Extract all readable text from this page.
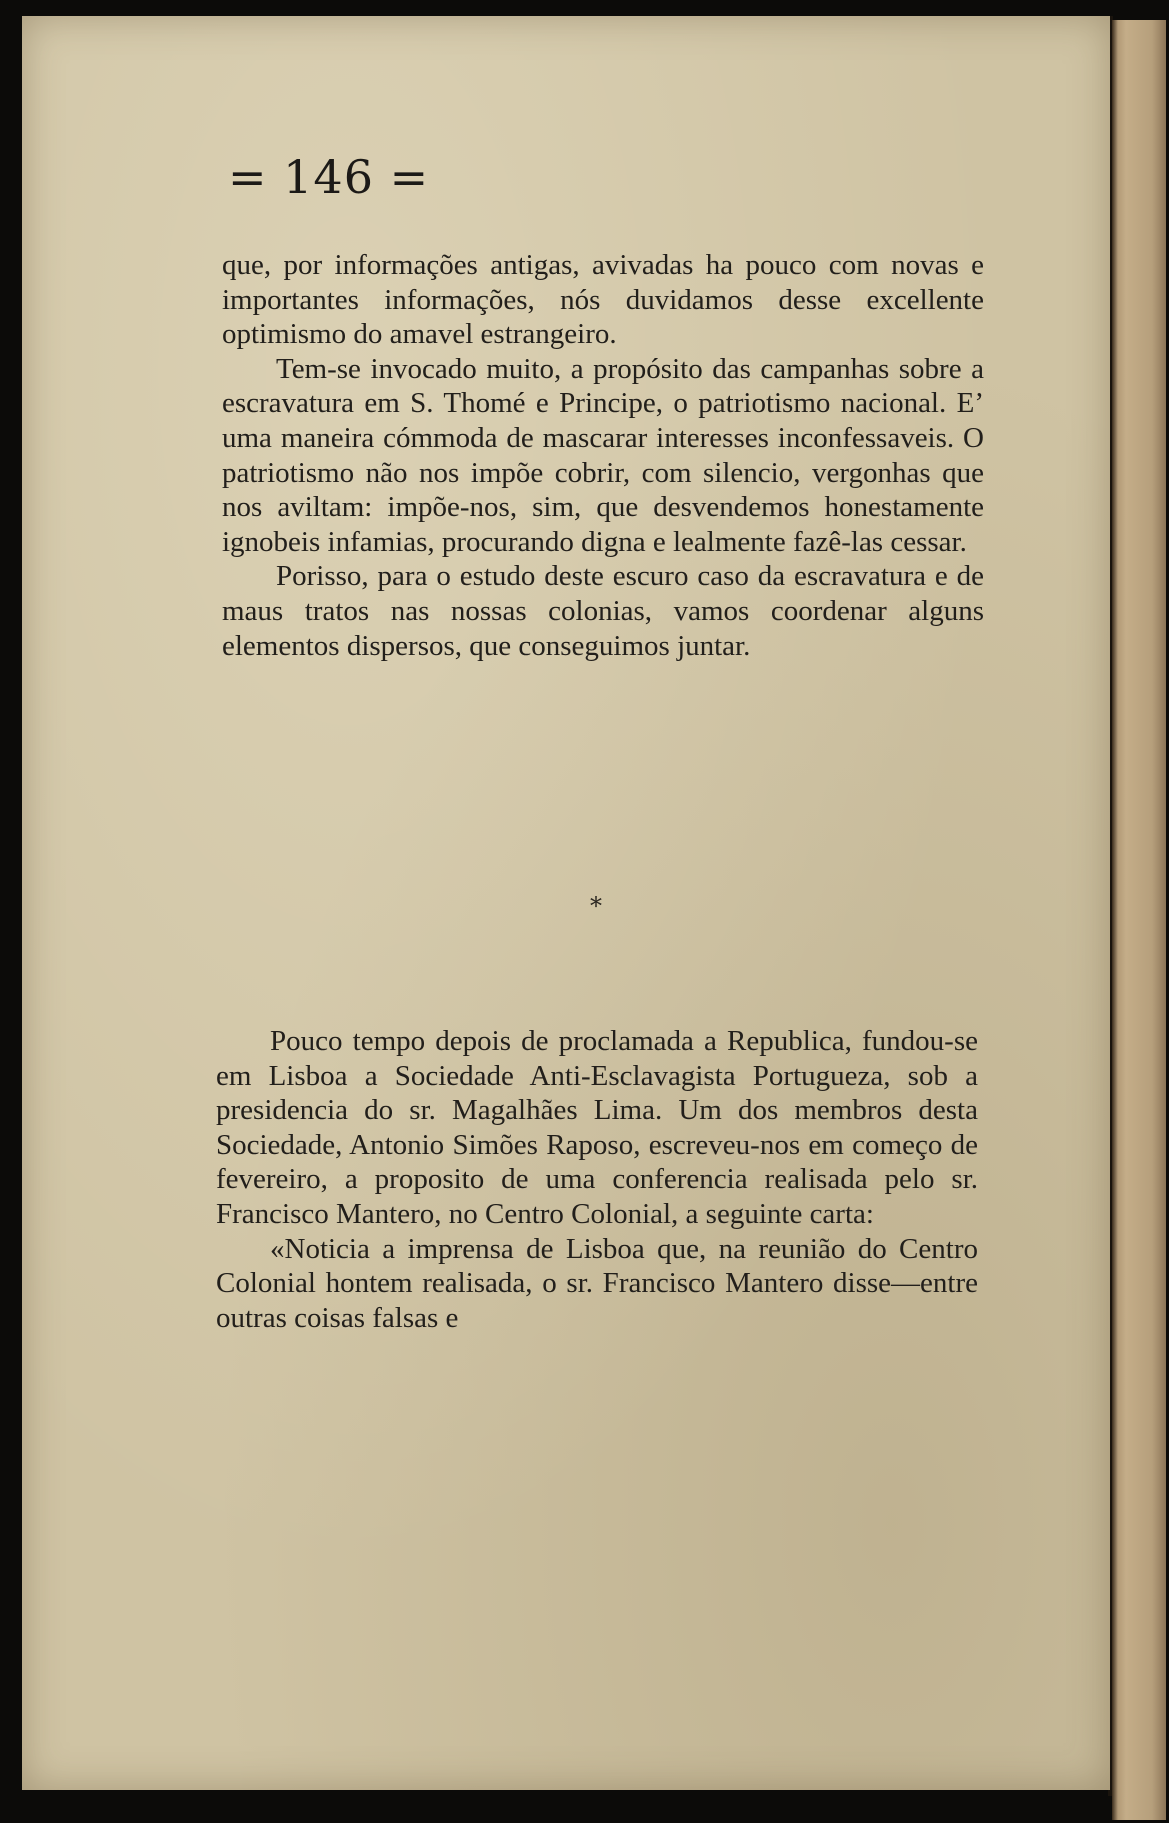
= 146 =

que, por informações antigas, avivadas ha pouco com novas e importantes informações, nós duvidamos desse excellente optimismo do amavel estrangeiro.

Tem-se invocado muito, a propósito das campanhas sobre a escravatura em S. Thomé e Principe, o patriotismo nacional. E’ uma maneira cómmoda de mascarar interesses inconfessaveis. O patriotismo não nos impõe cobrir, com silencio, vergonhas que nos aviltam: impõe-nos, sim, que desvendemos honestamente ignobeis infamias, procurando digna e lealmente fazê-las cessar.

Porisso, para o estudo deste escuro caso da escravatura e de maus tratos nas nossas colonias, vamos coordenar alguns elementos dispersos, que conseguimos juntar.

*

Pouco tempo depois de proclamada a Republica, fundou-se em Lisboa a Sociedade Anti-Esclavagista Portugueza, sob a presidencia do sr. Magalhães Lima. Um dos membros desta Sociedade, Antonio Simões Raposo, escreveu-nos em começo de fevereiro, a proposito de uma conferencia realisada pelo sr. Francisco Mantero, no Centro Colonial, a seguinte carta:

«Noticia a imprensa de Lisboa que, na reunião do Centro Colonial hontem realisada, o sr. Francisco Mantero disse—entre outras coisas falsas e
